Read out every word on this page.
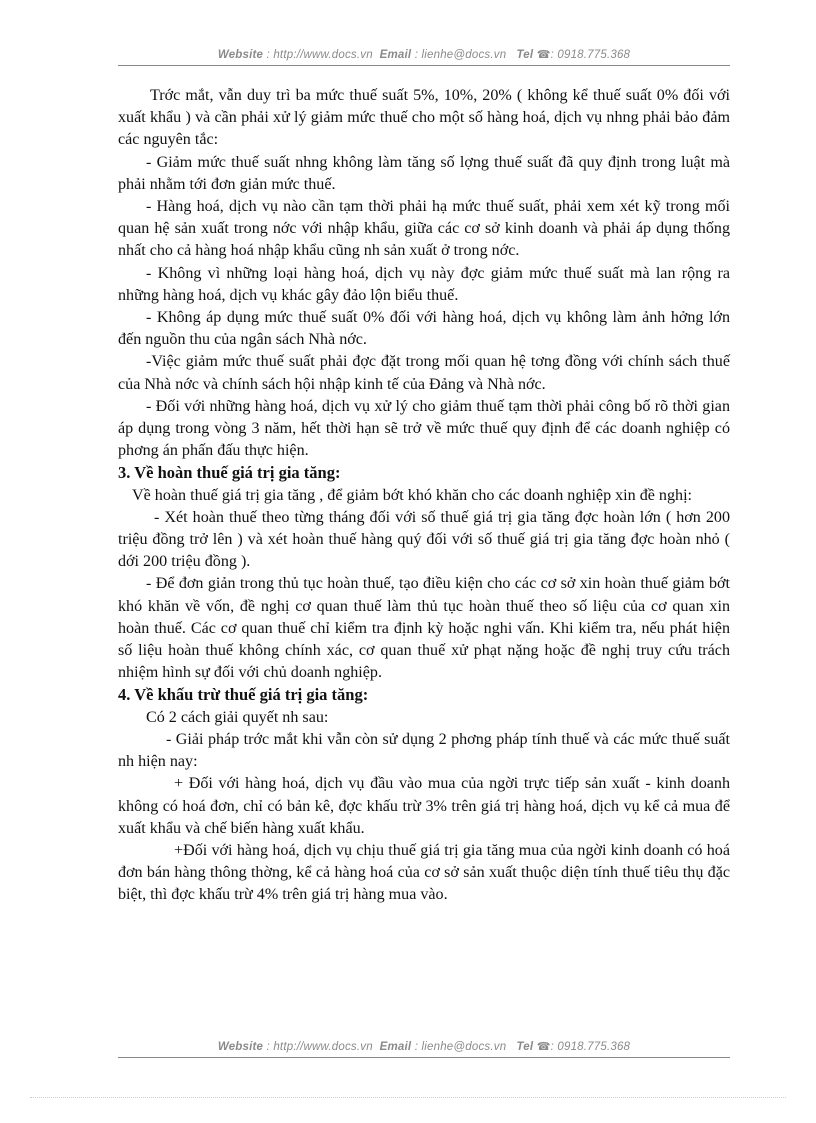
Website : http://www.docs.vn Email : lienhe@docs.vn Tel ☎: 0918.775.368

Trớc mắt, vẫn duy trì ba mức thuế suất 5%, 10%, 20% ( không kể thuế suất 0% đối với xuất khẩu ) và cần phải xử lý giảm mức thuế cho một số hàng hoá, dịch vụ nhng phải bảo đảm các nguyên tắc:

- Giảm mức thuế suất nhng không làm tăng số lợng thuế suất đã quy định trong luật mà phải nhằm tới đơn giản mức thuế.

- Hàng hoá, dịch vụ nào cần tạm thời phải hạ mức thuế suất, phải xem xét kỹ trong mối quan hệ sản xuất trong nớc với nhập khẩu, giữa các cơ sở kinh doanh và phải áp dụng thống nhất cho cả hàng hoá nhập khẩu cũng nh sản xuất ở trong nớc.

- Không vì những loại hàng hoá, dịch vụ này đợc giảm mức thuế suất mà lan rộng ra những hàng hoá, dịch vụ khác gây đảo lộn biểu thuế.

- Không áp dụng mức thuế suất 0% đối với hàng hoá, dịch vụ không làm ảnh hởng lớn đến nguồn thu của ngân sách Nhà nớc.

-Việc giảm mức thuế suất phải đợc đặt trong mối quan hệ tơng đồng với chính sách thuế của Nhà nớc và chính sách hội nhập kinh tế của Đảng và Nhà nớc.

- Đối với những hàng hoá, dịch vụ xử lý cho giảm thuế tạm thời phải công bố rõ thời gian áp dụng trong vòng 3 năm, hết thời hạn sẽ trở về mức thuế quy định để các doanh nghiệp có phơng án phấn đấu thực hiện.

3. Về hoàn thuế giá trị gia tăng:

Về hoàn thuế giá trị gia tăng , để giảm bớt khó khăn cho các doanh nghiệp xin đề nghị:

- Xét hoàn thuế theo từng tháng đối với số thuế giá trị gia tăng đợc hoàn lớn ( hơn 200 triệu đồng trở lên ) và xét hoàn thuế hàng quý đối với số thuế giá trị gia tăng đợc hoàn nhỏ ( dới 200 triệu đồng ).

- Để đơn giản trong thủ tục hoàn thuế, tạo điều kiện cho các cơ sở xin hoàn thuế giảm bớt khó khăn về vốn, đề nghị cơ quan thuế làm thủ tục hoàn thuế theo số liệu của cơ quan xin hoàn thuế. Các cơ quan thuế chỉ kiểm tra định kỳ hoặc nghi vấn. Khi kiểm tra, nếu phát hiện số liệu hoàn thuế không chính xác, cơ quan thuế xử phạt nặng hoặc đề nghị truy cứu trách nhiệm hình sự đối với chủ doanh nghiệp.

4. Về khấu trừ thuế giá trị gia tăng:

Có 2 cách giải quyết nh sau:

- Giải pháp trớc mắt khi vẫn còn sử dụng 2 phơng pháp tính thuế và các mức thuế suất nh hiện nay:

+ Đối với hàng hoá, dịch vụ đầu vào mua của ngời trực tiếp sản xuất - kinh doanh không có hoá đơn, chỉ có bản kê, đợc khấu trừ 3% trên giá trị hàng hoá, dịch vụ kể cả mua để xuất khẩu và chế biến hàng xuất khẩu.

+Đối với hàng hoá, dịch vụ chịu thuế giá trị gia tăng mua của ngời kinh doanh có hoá đơn bán hàng thông thờng, kể cả hàng hoá của cơ sở sản xuất thuộc diện tính thuế tiêu thụ đặc biệt, thì đợc khấu trừ 4% trên giá trị hàng mua vào.

Website : http://www.docs.vn Email : lienhe@docs.vn Tel ☎: 0918.775.368
